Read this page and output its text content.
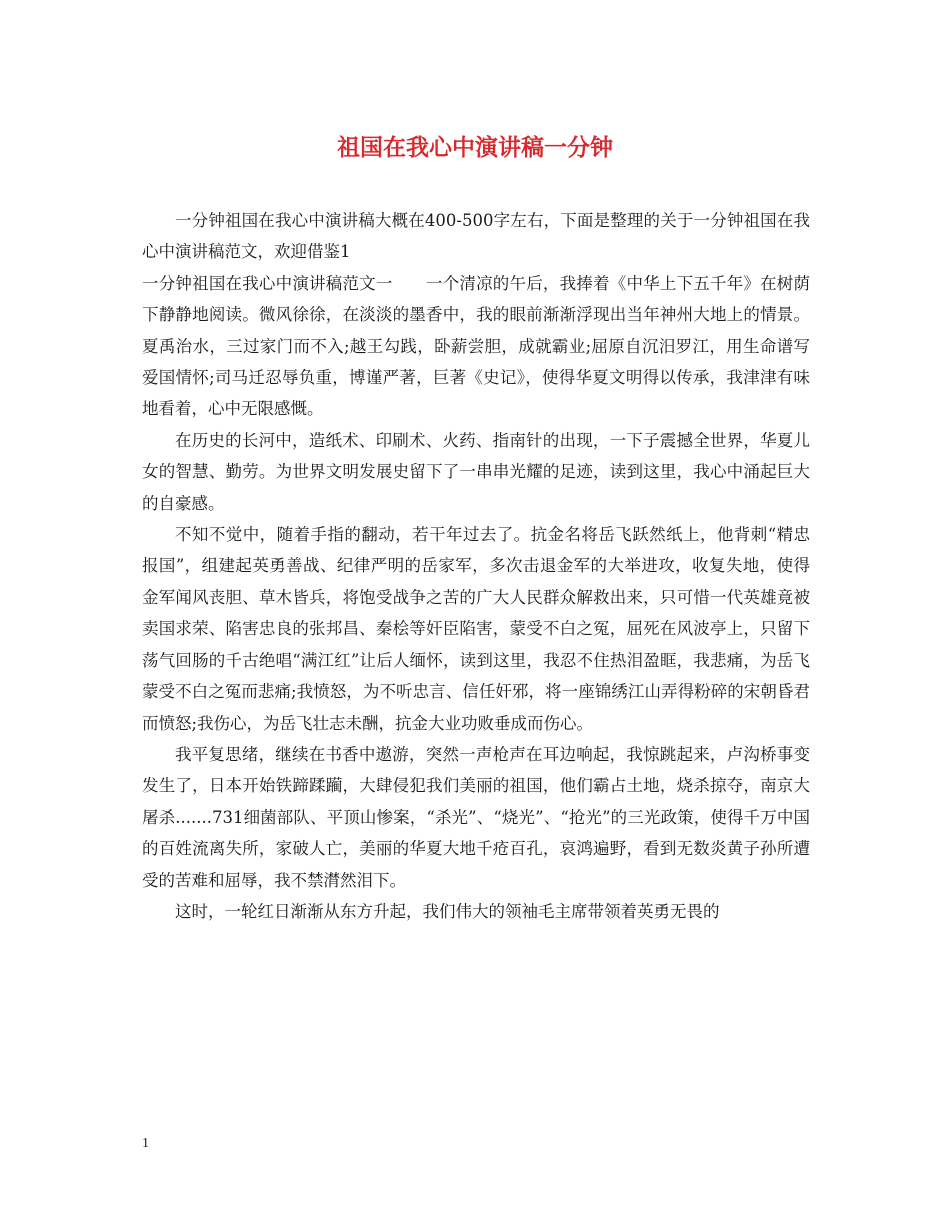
祖国在我心中演讲稿一分钟

一分钟祖国在我心中演讲稿大概在400-500字左右，下面是整理的关于一分钟祖国在我心中演讲稿范文，欢迎借鉴1

一分钟祖国在我心中演讲稿范文一　　一个清凉的午后，我捧着《中华上下五千年》在树荫下静静地阅读。微风徐徐，在淡淡的墨香中，我的眼前渐渐浮现出当年神州大地上的情景。夏禹治水，三过家门而不入;越王勾践，卧薪尝胆，成就霸业;屈原自沉汨罗江，用生命谱写爱国情怀;司马迁忍辱负重，博谨严著，巨著《史记》，使得华夏文明得以传承，我津津有味地看着，心中无限感慨。

在历史的长河中，造纸术、印刷术、火药、指南针的出现，一下子震撼全世界，华夏儿女的智慧、勤劳。为世界文明发展史留下了一串串光耀的足迹，读到这里，我心中涌起巨大的自豪感。

不知不觉中，随着手指的翻动，若干年过去了。抗金名将岳飞跃然纸上，他背刺“精忠报国”，组建起英勇善战、纪律严明的岳家军，多次击退金军的大举进攻，收复失地，使得金军闻风丧胆、草木皆兵，将饱受战争之苦的广大人民群众解救出来，只可惜一代英雄竟被卖国求荣、陷害忠良的张邦昌、秦桧等奸臣陷害，蒙受不白之冤，屈死在风波亭上，只留下荡气回肠的千古绝唱“满江红”让后人缅怀，读到这里，我忍不住热泪盈眶，我悲痛，为岳飞蒙受不白之冤而悲痛;我愤怒，为不听忠言、信任奸邪，将一座锦绣江山弄得粉碎的宋朝昏君而愤怒;我伤心，为岳飞壮志未酬，抗金大业功败垂成而伤心。

我平复思绪，继续在书香中遨游，突然一声枪声在耳边响起，我惊跳起来，卢沟桥事变发生了，日本开始铁蹄蹂躏，大肆侵犯我们美丽的祖国，他们霸占土地，烧杀掠夺，南京大屠杀.......731细菌部队、平顶山惨案，“杀光”、“烧光”、“抢光”的三光政策，使得千万中国的百姓流离失所，家破人亡，美丽的华夏大地千疮百孔，哀鸿遍野，看到无数炎黄子孙所遭受的苦难和屈辱，我不禁潸然泪下。

这时，一轮红日渐渐从东方升起，我们伟大的领袖毛主席带领着英勇无畏的

1
